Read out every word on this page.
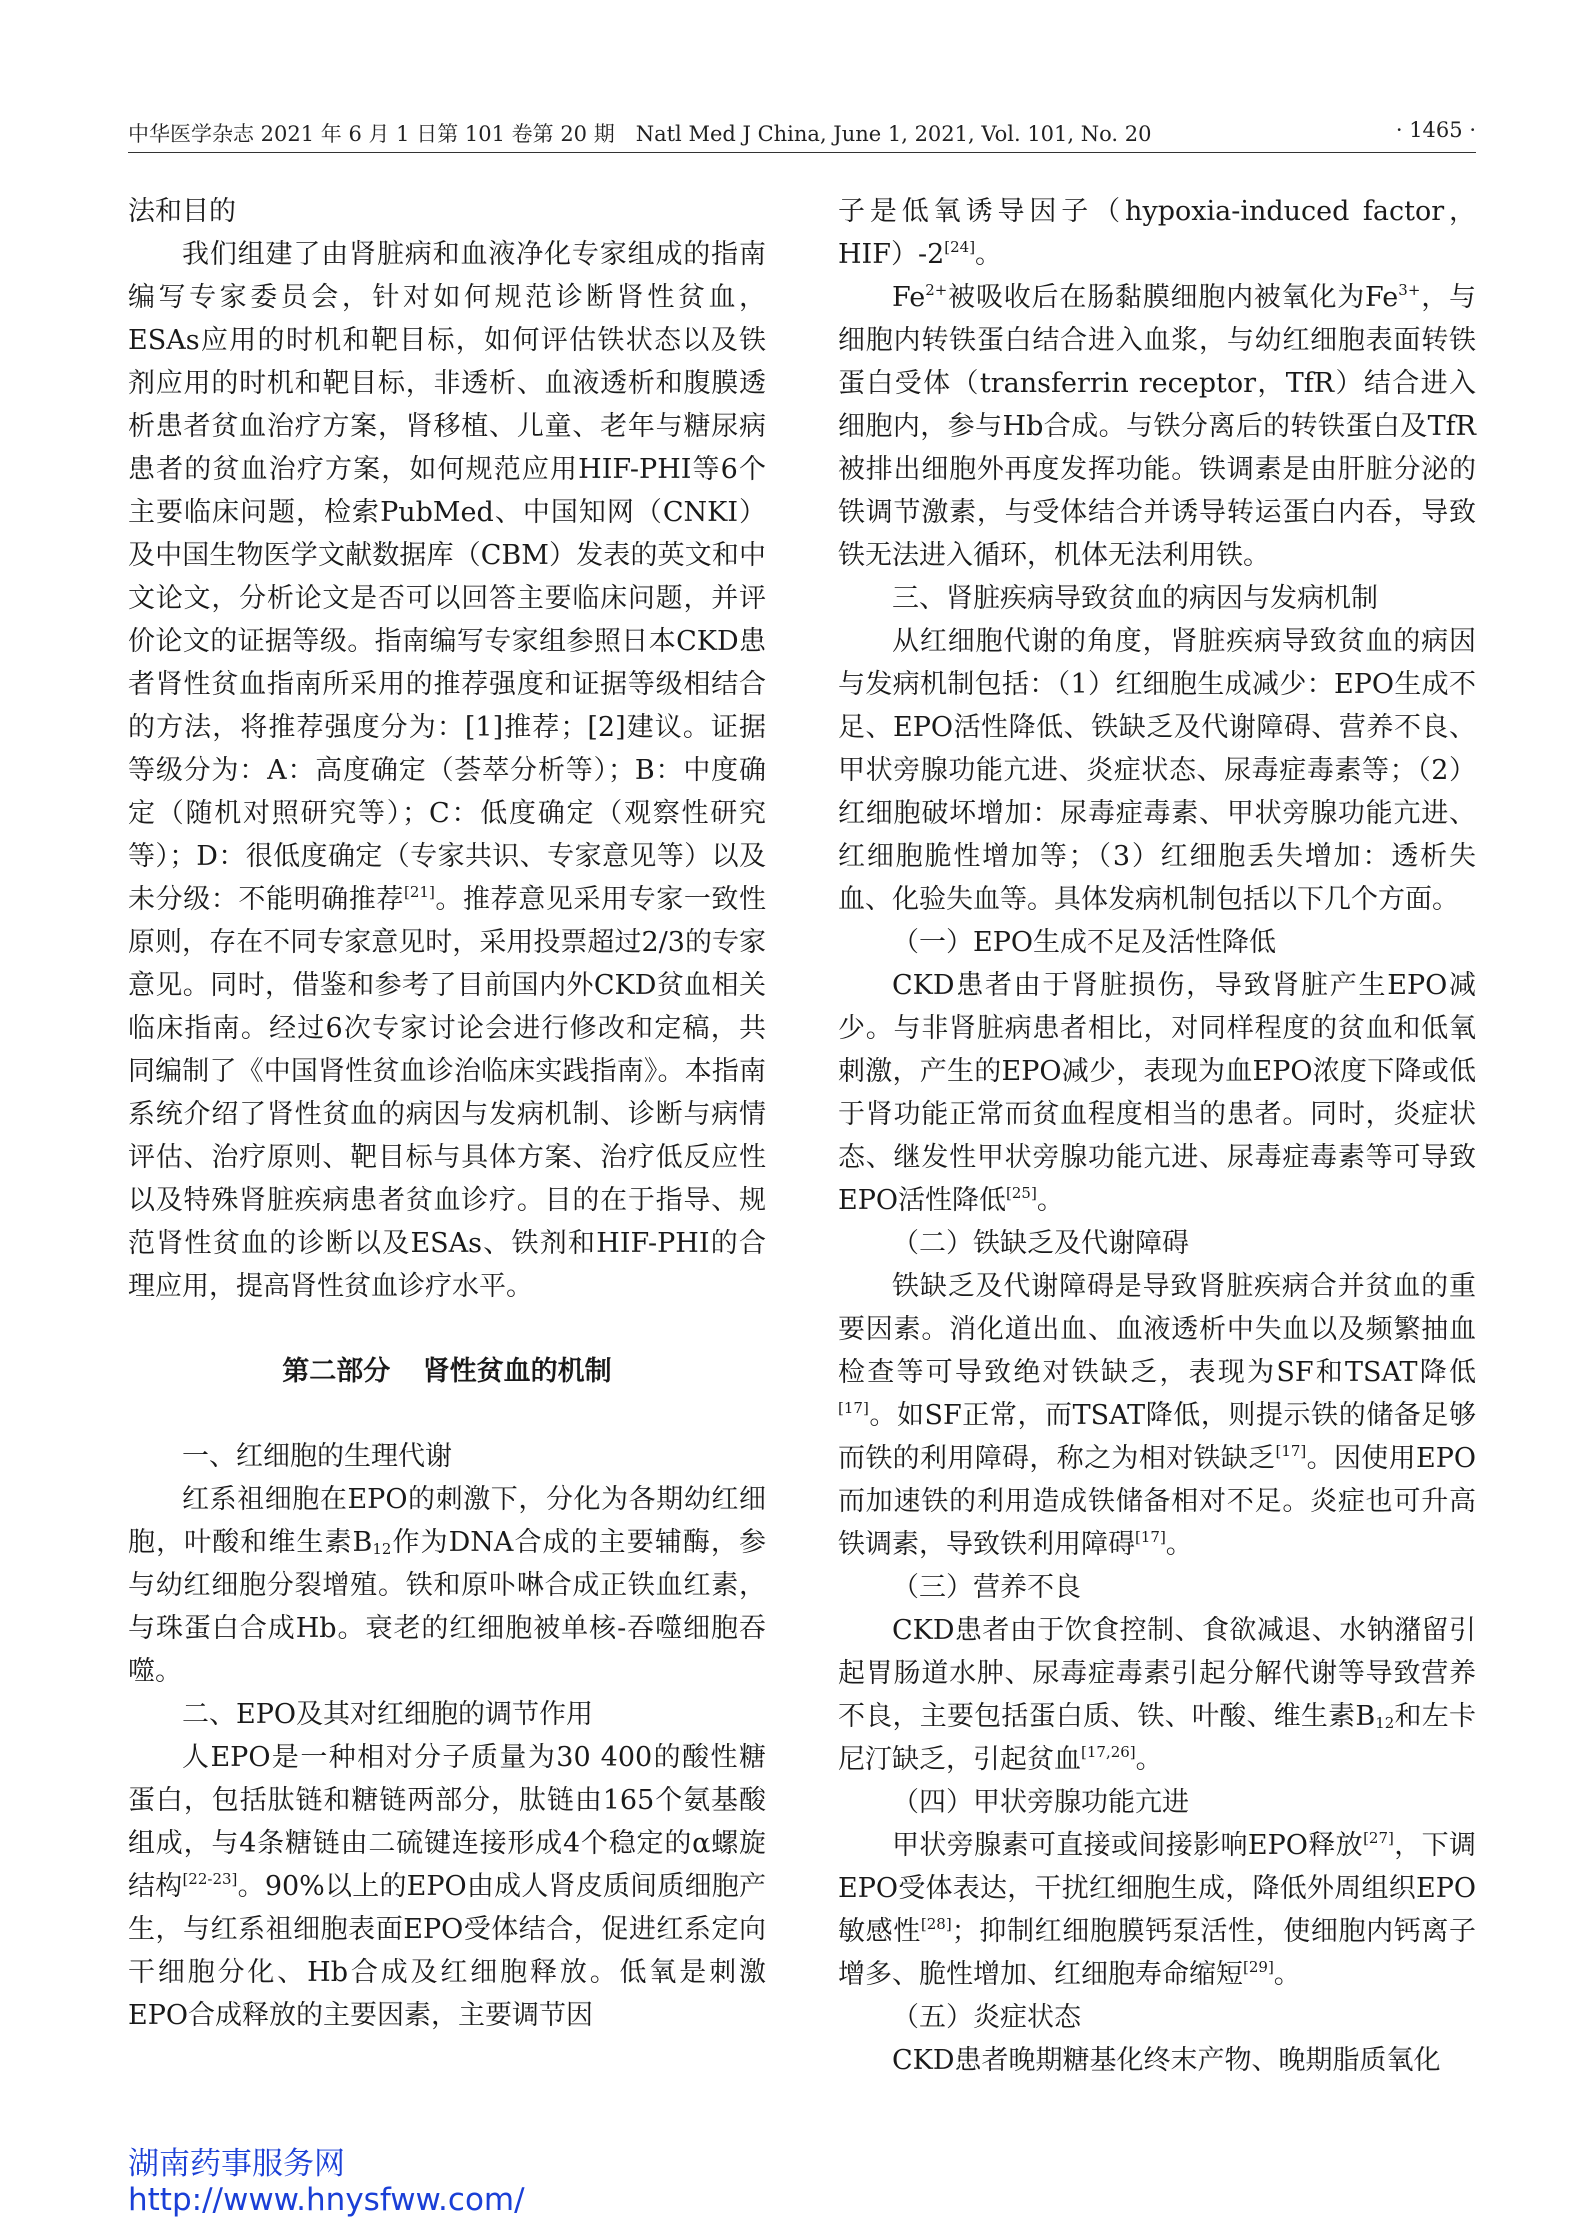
中华医学杂志 2021 年 6 月 1 日第 101 卷第 20 期　Natl Med J China, June 1, 2021, Vol. 101, No. 20	· 1465 ·

法和目的

我们组建了由肾脏病和血液净化专家组成的指南编写专家委员会，针对如何规范诊断肾性贫血，ESAs应用的时机和靶目标，如何评估铁状态以及铁剂应用的时机和靶目标，非透析、血液透析和腹膜透析患者贫血治疗方案，肾移植、儿童、老年与糖尿病患者的贫血治疗方案，如何规范应用HIF-PHI等6个主要临床问题，检索PubMed、中国知网（CNKI）及中国生物医学文献数据库（CBM）发表的英文和中文论文，分析论文是否可以回答主要临床问题，并评价论文的证据等级。指南编写专家组参照日本CKD患者肾性贫血指南所采用的推荐强度和证据等级相结合的方法，将推荐强度分为：[1]推荐；[2]建议。证据等级分为：A：高度确定（荟萃分析等）；B：中度确定（随机对照研究等）；C：低度确定（观察性研究等）；D：很低度确定（专家共识、专家意见等）以及未分级：不能明确推荐[21]。推荐意见采用专家一致性原则，存在不同专家意见时，采用投票超过2/3的专家意见。同时，借鉴和参考了目前国内外CKD贫血相关临床指南。经过6次专家讨论会进行修改和定稿，共同编制了《中国肾性贫血诊治临床实践指南》。本指南系统介绍了肾性贫血的病因与发病机制、诊断与病情评估、治疗原则、靶目标与具体方案、治疗低反应性以及特殊肾脏疾病患者贫血诊疗。目的在于指导、规范肾性贫血的诊断以及ESAs、铁剂和HIF-PHI的合理应用，提高肾性贫血诊疗水平。

第二部分 肾性贫血的机制

一、红细胞的生理代谢

红系祖细胞在EPO的刺激下，分化为各期幼红细胞，叶酸和维生素$B_{12}$作为DNA合成的主要辅酶，参与幼红细胞分裂增殖。铁和原卟啉合成正铁血红素，与珠蛋白合成Hb。衰老的红细胞被单核-吞噬细胞吞噬。

二、EPO及其对红细胞的调节作用

人EPO是一种相对分子质量为30 400的酸性糖蛋白，包括肽链和糖链两部分，肽链由165个氨基酸组成，与4条糖链由二硫键连接形成4个稳定的α螺旋结构[22-23]。90%以上的EPO由成人肾皮质间质细胞产生，与红系祖细胞表面EPO受体结合，促进红系定向干细胞分化、Hb合成及红细胞释放。低氧是刺激EPO合成释放的主要因素，主要调节因

子是低氧诱导因子（hypoxia-induced factor，HIF）-2[24]。

$Fe^{2+}$被吸收后在肠黏膜细胞内被氧化为$Fe^{3+}$，与细胞内转铁蛋白结合进入血浆，与幼红细胞表面转铁蛋白受体（transferrin receptor，TfR）结合进入细胞内，参与Hb合成。与铁分离后的转铁蛋白及TfR被排出细胞外再度发挥功能。铁调素是由肝脏分泌的铁调节激素，与受体结合并诱导转运蛋白内吞，导致铁无法进入循环，机体无法利用铁。

三、肾脏疾病导致贫血的病因与发病机制

从红细胞代谢的角度，肾脏疾病导致贫血的病因与发病机制包括：（1）红细胞生成减少：EPO生成不足、EPO活性降低、铁缺乏及代谢障碍、营养不良、甲状旁腺功能亢进、炎症状态、尿毒症毒素等；（2）红细胞破坏增加：尿毒症毒素、甲状旁腺功能亢进、红细胞脆性增加等；（3）红细胞丢失增加：透析失血、化验失血等。具体发病机制包括以下几个方面。

（一）EPO生成不足及活性降低

CKD患者由于肾脏损伤，导致肾脏产生EPO减少。与非肾脏病患者相比，对同样程度的贫血和低氧刺激，产生的EPO减少，表现为血EPO浓度下降或低于肾功能正常而贫血程度相当的患者。同时，炎症状态、继发性甲状旁腺功能亢进、尿毒症毒素等可导致EPO活性降低[25]。

（二）铁缺乏及代谢障碍

铁缺乏及代谢障碍是导致肾脏疾病合并贫血的重要因素。消化道出血、血液透析中失血以及频繁抽血检查等可导致绝对铁缺乏，表现为SF和TSAT降低[17]。如SF正常，而TSAT降低，则提示铁的储备足够而铁的利用障碍，称之为相对铁缺乏[17]。因使用EPO而加速铁的利用造成铁储备相对不足。炎症也可升高铁调素，导致铁利用障碍[17]。

（三）营养不良

CKD患者由于饮食控制、食欲减退、水钠潴留引起胃肠道水肿、尿毒症毒素引起分解代谢等导致营养不良，主要包括蛋白质、铁、叶酸、维生素$B_{12}$和左卡尼汀缺乏，引起贫血[17,26]。

（四）甲状旁腺功能亢进

甲状旁腺素可直接或间接影响EPO释放[27]，下调EPO受体表达，干扰红细胞生成，降低外周组织EPO敏感性[28]；抑制红细胞膜钙泵活性，使细胞内钙离子增多、脆性增加、红细胞寿命缩短[29]。

（五）炎症状态

CKD患者晚期糖基化终末产物、晚期脂质氧化

湖南药事服务网
http://www.hnysfww.com/
